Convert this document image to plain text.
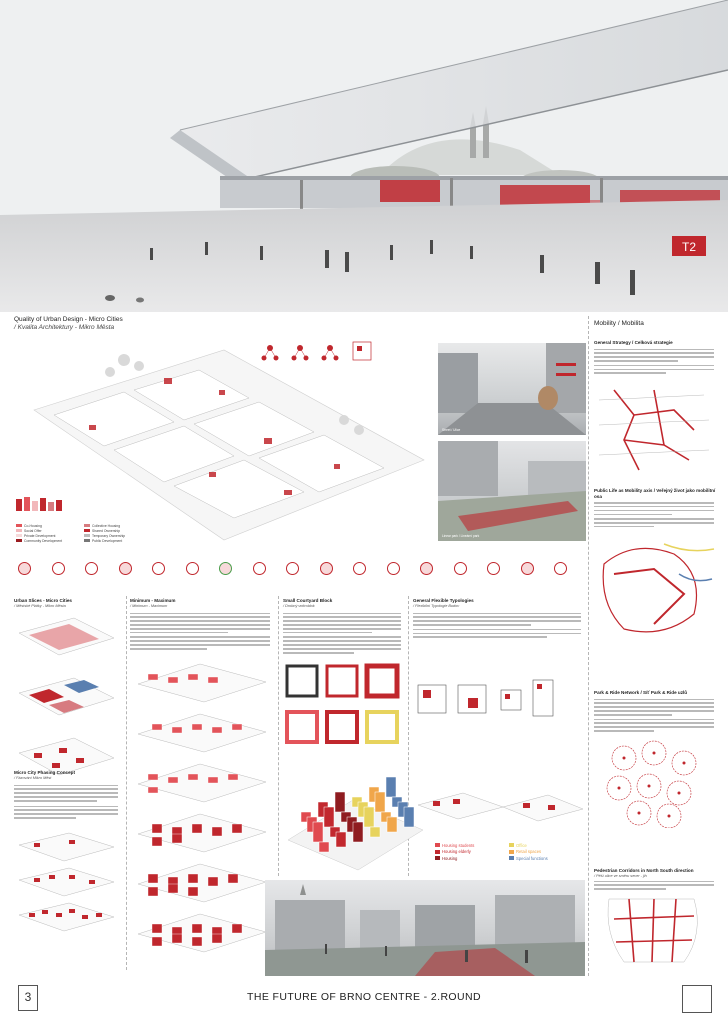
T2
Quality of Urban Design - Micro Cities
/ Kvalita Architektury - Mikro Města
Co-Housing	Collective Housing
Social Offer	Shared Ownership
Private Development	Temporary Ownership
Community Development	Public Development
Street / Ulice
Linear park / Lineární park
Urban Slices - Micro Cities
/ Městské Plátky - Mikro Města
Micro City Phasing Concept
/ Fázování Mikro Měst
Minimum - Maximum
/ Minimum - Maximum
Small Courtyard Block
/ Drobný vnitroblok
General Flexible Typologies
/ Flexibilní Typologie Budov
Housing students	Office
Housing elderly	Retail spaces
Housing	Special functions
Mobility / Mobilita
General Strategy / Celková strategie
Public Life as Mobility axis / Veřejný život jako mobilitní osa
Park & Ride Network / Síť Park & Ride uzlů
Pedestrian Corridors in North South direction
/ Pěší ulice ve směru sever - jih
3	THE FUTURE OF BRNO CENTRE - 2.ROUND
